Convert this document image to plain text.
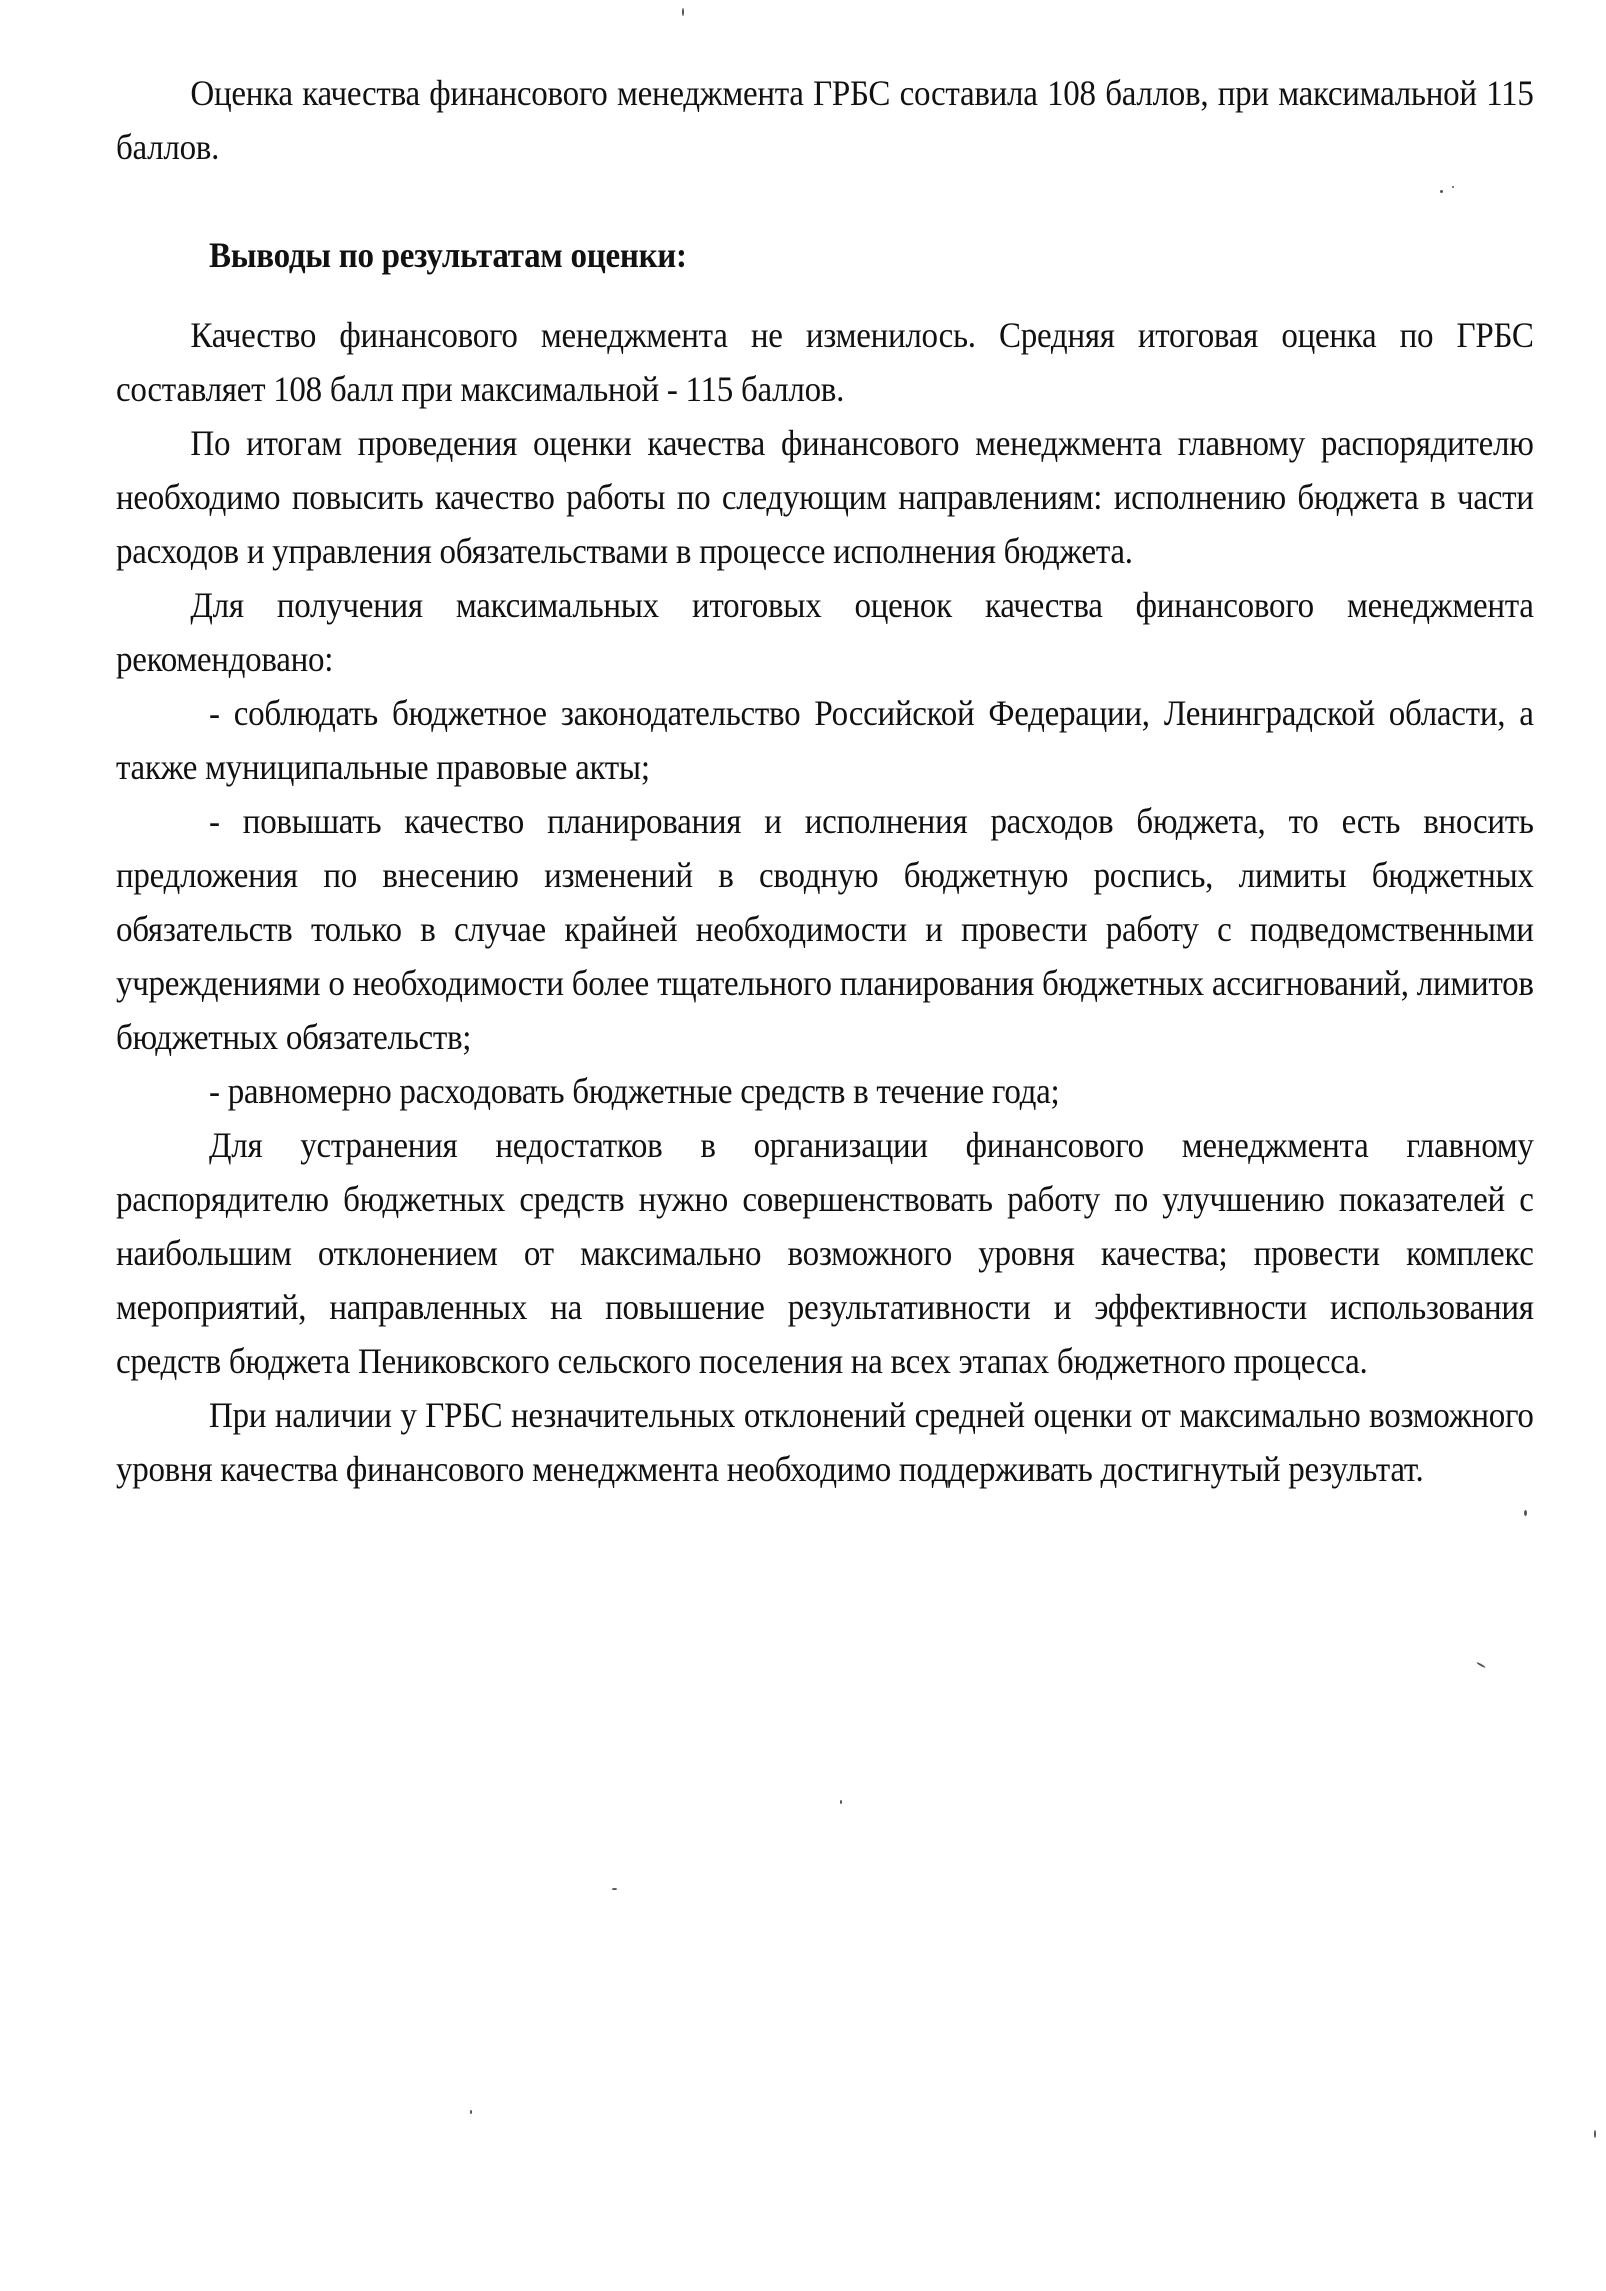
Оценка качества финансового менеджмента ГРБС составила 108 баллов, при максимальной 115 баллов.

Выводы по результатам оценки:

Качество финансового менеджмента не изменилось. Средняя итоговая оценка по ГРБС составляет 108 балл при максимальной - 115 баллов.

По итогам проведения оценки качества финансового менеджмента главному распорядителю необходимо повысить качество работы по следующим направлениям: исполнению бюджета в части расходов и управления обязательствами в процессе исполнения бюджета.

Для получения максимальных итоговых оценок качества финансового менеджмента рекомендовано:

- соблюдать бюджетное законодательство Российской Федерации, Ленинградской области, а также муниципальные правовые акты;

- повышать качество планирования и исполнения расходов бюджета, то есть вносить предложения по внесению изменений в сводную бюджетную роспись, лимиты бюджетных обязательств только в случае крайней необходимости и провести работу с подведомственными учреждениями о необходимости более тщательного планирования бюджетных ассигнований, лимитов бюджетных обязательств;

- равномерно расходовать бюджетные средств в течение года;

Для устранения недостатков в организации финансового менеджмента главному распорядителю бюджетных средств нужно совершенствовать работу по улучшению показателей с наибольшим отклонением от максимально возможного уровня качества; провести комплекс мероприятий, направленных на повышение результативности и эффективности использования средств бюджета Пениковского сельского поселения на всех этапах бюджетного процесса.

При наличии у ГРБС незначительных отклонений средней оценки от максимально возможного уровня качества финансового менеджмента необходимо поддерживать достигнутый результат.
